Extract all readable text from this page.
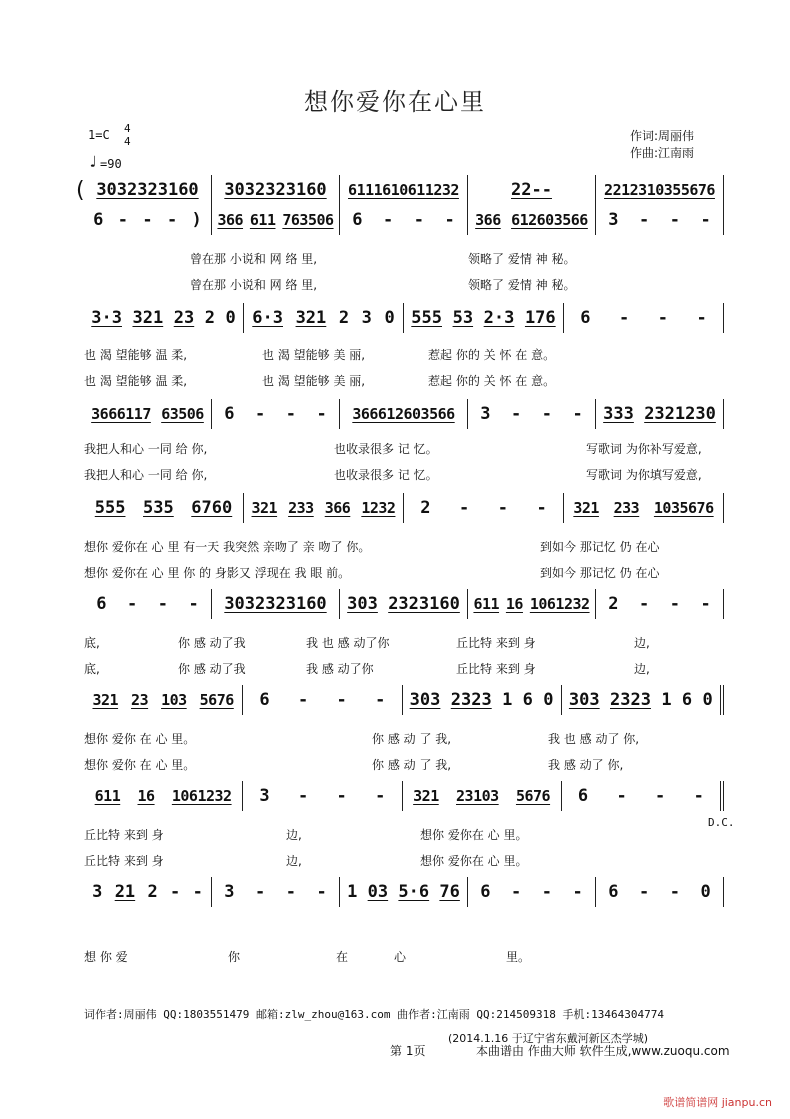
想你爱你在心里
1=C 4
4
♩ =90
作词:周丽伟
作曲:江南雨
( 3032323160 3032323160 6111610611232	22--	2212310355676
6 - - - ) 366 611 763506 6 - - - 366 612603566 3 - - -
曾在那 小说和 网 络 里,	领略了 爱情 神 秘。
曾在那 小说和 网 络 里,	领略了 爱情 神 秘。
3·3 321 23 2 0 6·3 321 2 3 0 555 53 2·3 176 6 - - -
也 渴 望能够 温 柔,	也 渴 望能够 美 丽,	惹起 你的 关 怀 在 意。
也 渴 望能够 温 柔,	也 渴 望能够 美 丽,	惹起 你的 关 怀 在 意。
3666117 63506 6 - - - 366612603566 3 - - - 333 2321230
我把人和心 一同 给 你,	也收录很多 记 忆。	写歌词 为你补写爱意,
我把人和心 一同 给 你,	也收录很多 记 忆。	写歌词 为你填写爱意,
555 535 6760 321 233 366 1232 2 - - - 321 233 1035676
想你 爱你在 心 里 有一天 我突然 亲吻了 亲 吻了 你。	到如今 那记忆 仍 在心
想你 爱你在 心 里 你 的 身影又 浮现在 我 眼 前。	到如今 那记忆 仍 在心
6 - - - 3032323160 303 2323160 611 16 1061232 2 - - -
底,	你 感 动了我	我 也 感 动了你	丘比特 来到 身	边,
底,	你 感 动了我	我 感 动了你	丘比特 来到 身	边,
321 23 103 5676 6 - - - 303 2323 1 6 0 303 2323 1 6 0
想你 爱你 在 心 里。	你 感 动 了 我,	我 也 感 动了 你,
想你 爱你 在 心 里。	你 感 动 了 我,	我 感 动了 你,
611 16 1061232 3 - - - 321 23103 5676 6 - - -
丘比特 来到 身	边,	想你 爱你在 心 里。
丘比特 来到 身	边,	想你 爱你在 心 里。
3 21 2 - - 3 - - - 1 03 5·6 76 6 - - - 6 - - 0
想 你 爱	你	在	心	里。
D.C.
词作者:周丽伟 QQ:1803551479 邮箱:zlw_zhou@163.com 曲作者:江南雨 QQ:214509318 手机:13464304774
(2014.1.16 于辽宁省东戴河新区杰学城)
第 1页	本曲谱由 作曲大师 软件生成,www.zuoqu.com
歌谱简谱网 jianpu.cn
